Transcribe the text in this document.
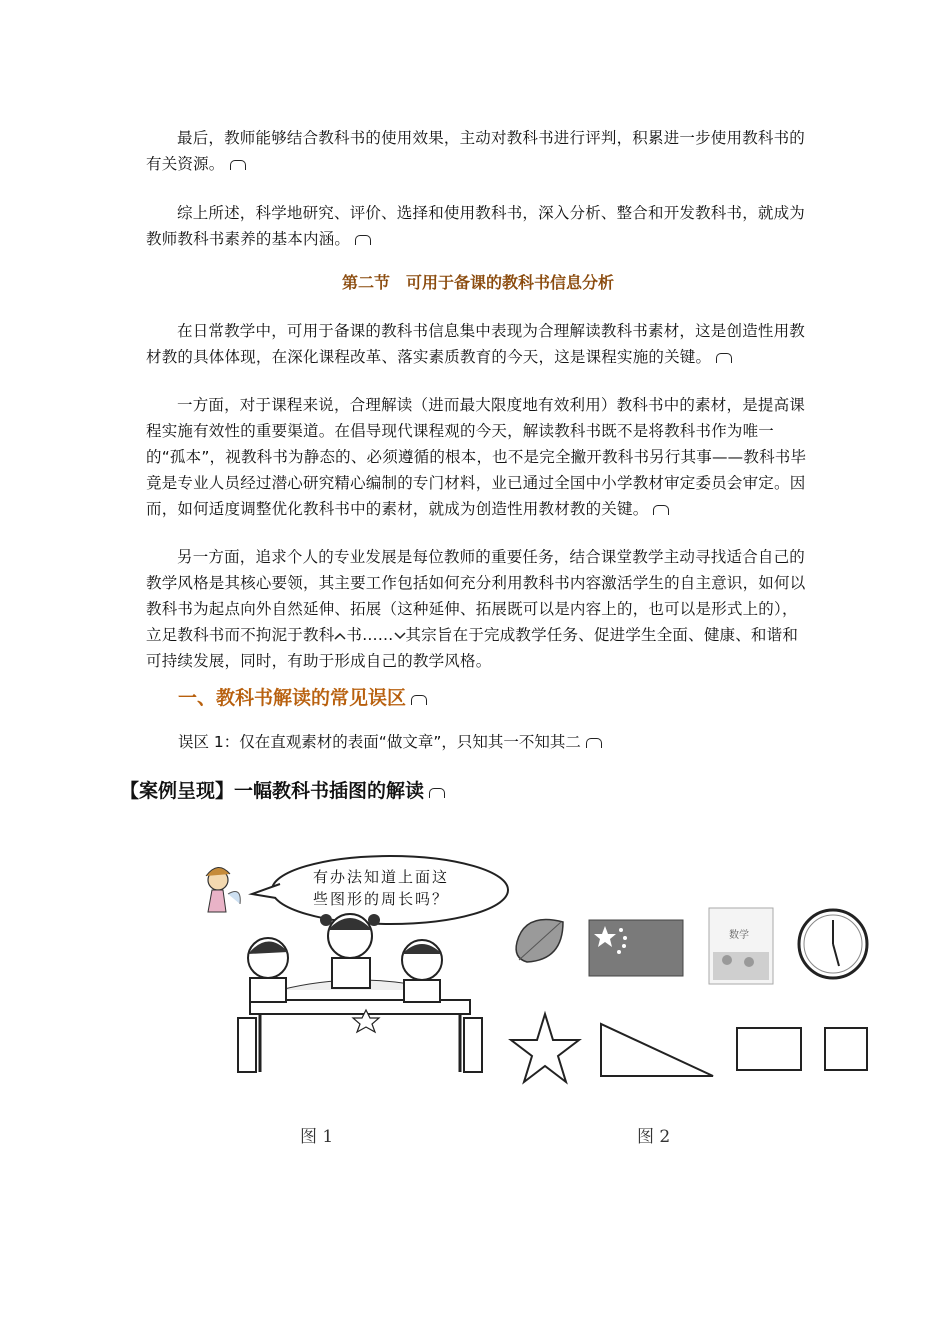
最后，教师能够结合教科书的使用效果，主动对教科书进行评判，积累进一步使用教科书的有关资源。

综上所述，科学地研究、评价、选择和使用教科书，深入分析、整合和开发教科书，就成为教师教科书素养的基本内涵。

第二节　可用于备课的教科书信息分析

在日常教学中，可用于备课的教科书信息集中表现为合理解读教科书素材，这是创造性用教材教的具体体现，在深化课程改革、落实素质教育的今天，这是课程实施的关键。

一方面，对于课程来说，合理解读（进而最大限度地有效利用）教科书中的素材，是提高课程实施有效性的重要渠道。在倡导现代课程观的今天，解读教科书既不是将教科书作为唯一的“孤本”，视教科书为静态的、必须遵循的根本，也不是完全撇开教科书另行其事——教科书毕竟是专业人员经过潜心研究精心编制的专门材料，业已通过全国中小学教材审定委员会审定。因而，如何适度调整优化教科书中的素材，就成为创造性用教材教的关键。

另一方面，追求个人的专业发展是每位教师的重要任务，结合课堂教学主动寻找适合自己的教学风格是其核心要领，其主要工作包括如何充分利用教科书内容激活学生的自主意识，如何以教科书为起点向外自然延伸、拓展（这种延伸、拓展既可以是内容上的，也可以是形式上的），立足教科书而不拘泥于教科 书…… 其宗旨在于完成教学任务、促进学生全面、健康、和谐和可持续发展，同时，有助于形成自己的教学风格。

一、教科书解读的常见误区

误区 1：仅在直观素材的表面“做文章”，只知其一不知其二

【案例呈现】一幅教科书插图的解读
有办法知道上面这
些图形的周长吗？
数学
图 1	图 2
